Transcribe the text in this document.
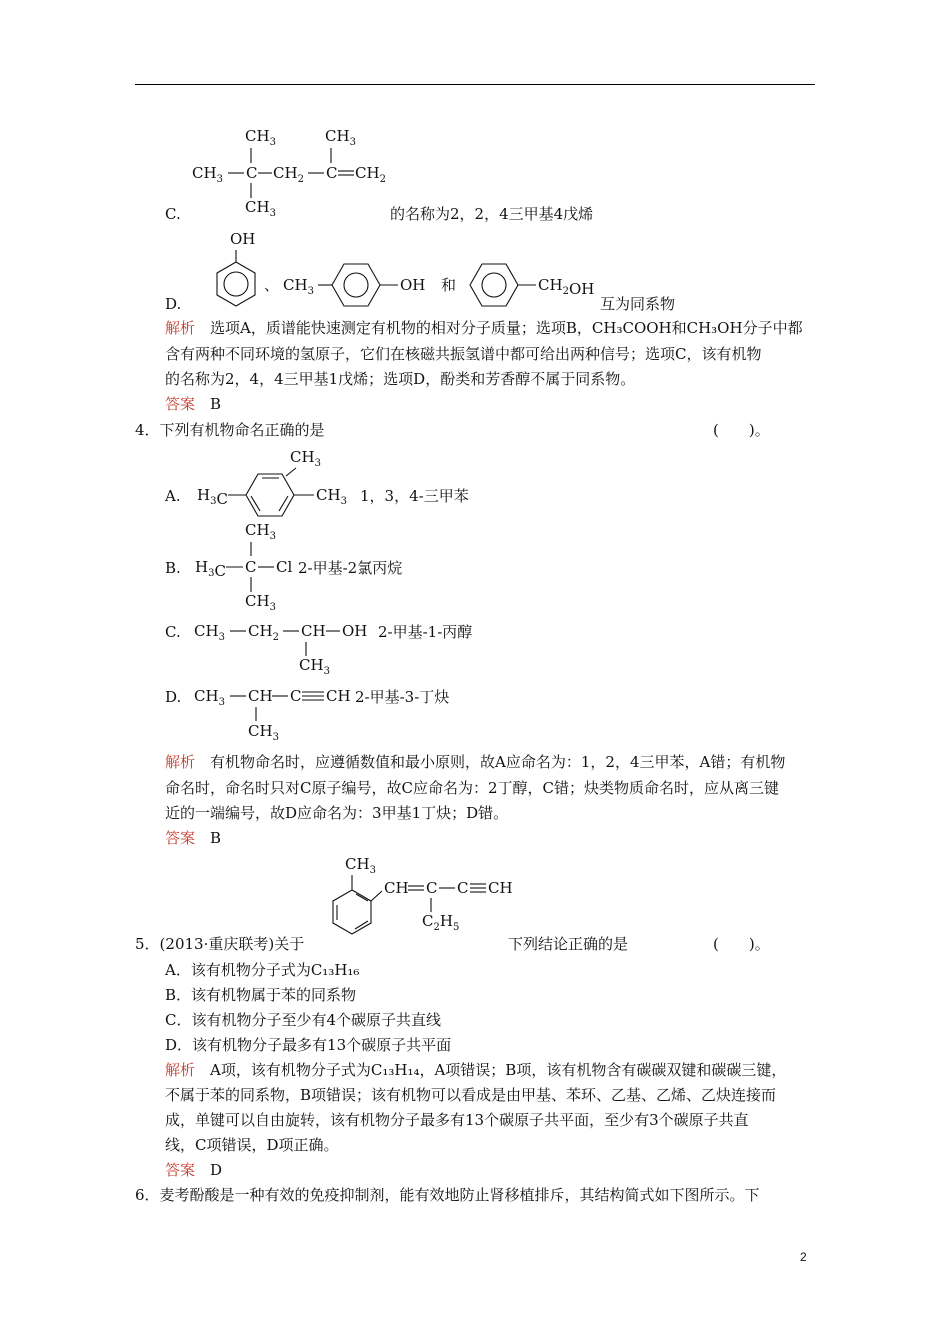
C.
$CH_3$	$CH_3$
$CH_3$ C $CH_2$ C $CH_2$
$CH_3$	的名称为2，2，4三甲基4戊烯
D.
OH
$CH_3$	OH	$CH_2OH$
、	和
互为同系物
解析　 选项A，质谱能快速测定有机物的相对分子质量；选项B，CH₃COOH和CH₃OH分子中都
含有两种不同环境的氢原子，它们在核磁共振氢谱中都可给出两种信号；选项C，该有机物
的名称为2，4，4三甲基1戊烯；选项D，酚类和芳香醇不属于同系物。
答案　 B
4．下列有机物命名正确的是	(　　)。
A.
$CH_3$
$H_3C$	$CH_3$ 1，3，4-三甲苯
B.
$CH_3$
$H_3C$ C Cl
$CH_3$
2-甲基-2氯丙烷
C. $CH_3$ $CH_2$ CH OH
$CH_3$
2-甲基-1-丙醇
D. $CH_3$ CH C CH
$CH_3$
2-甲基-3-丁炔
解析　 有机物命名时，应遵循数值和最小原则，故A应命名为：1，2，4三甲苯，A错；有机物
命名时，命名时只对C原子编号，故C应命名为：2丁醇，C错；炔类物质命名时，应从离三键
近的一端编号，故D应命名为：3甲基1丁炔；D错。
答案　 B
$CH_3$
CH C C CH
$C_2H_5$
5．(2013·重庆联考)关于	下列结论正确的是	(　　)。
A．该有机物分子式为C₁₃H₁₆
B．该有机物属于苯的同系物
C．该有机物分子至少有4个碳原子共直线
D．该有机物分子最多有13个碳原子共平面
解析　 A项，该有机物分子式为C₁₃H₁₄，A项错误；B项，该有机物含有碳碳双键和碳碳三键，
不属于苯的同系物，B项错误；该有机物可以看成是由甲基、苯环、乙基、乙烯、乙炔连接而
成，单键可以自由旋转，该有机物分子最多有13个碳原子共平面，至少有3个碳原子共直
线，C项错误，D项正确。
答案　 D
6．麦考酚酸是一种有效的免疫抑制剂，能有效地防止肾移植排斥，其结构简式如下图所示。下
2
